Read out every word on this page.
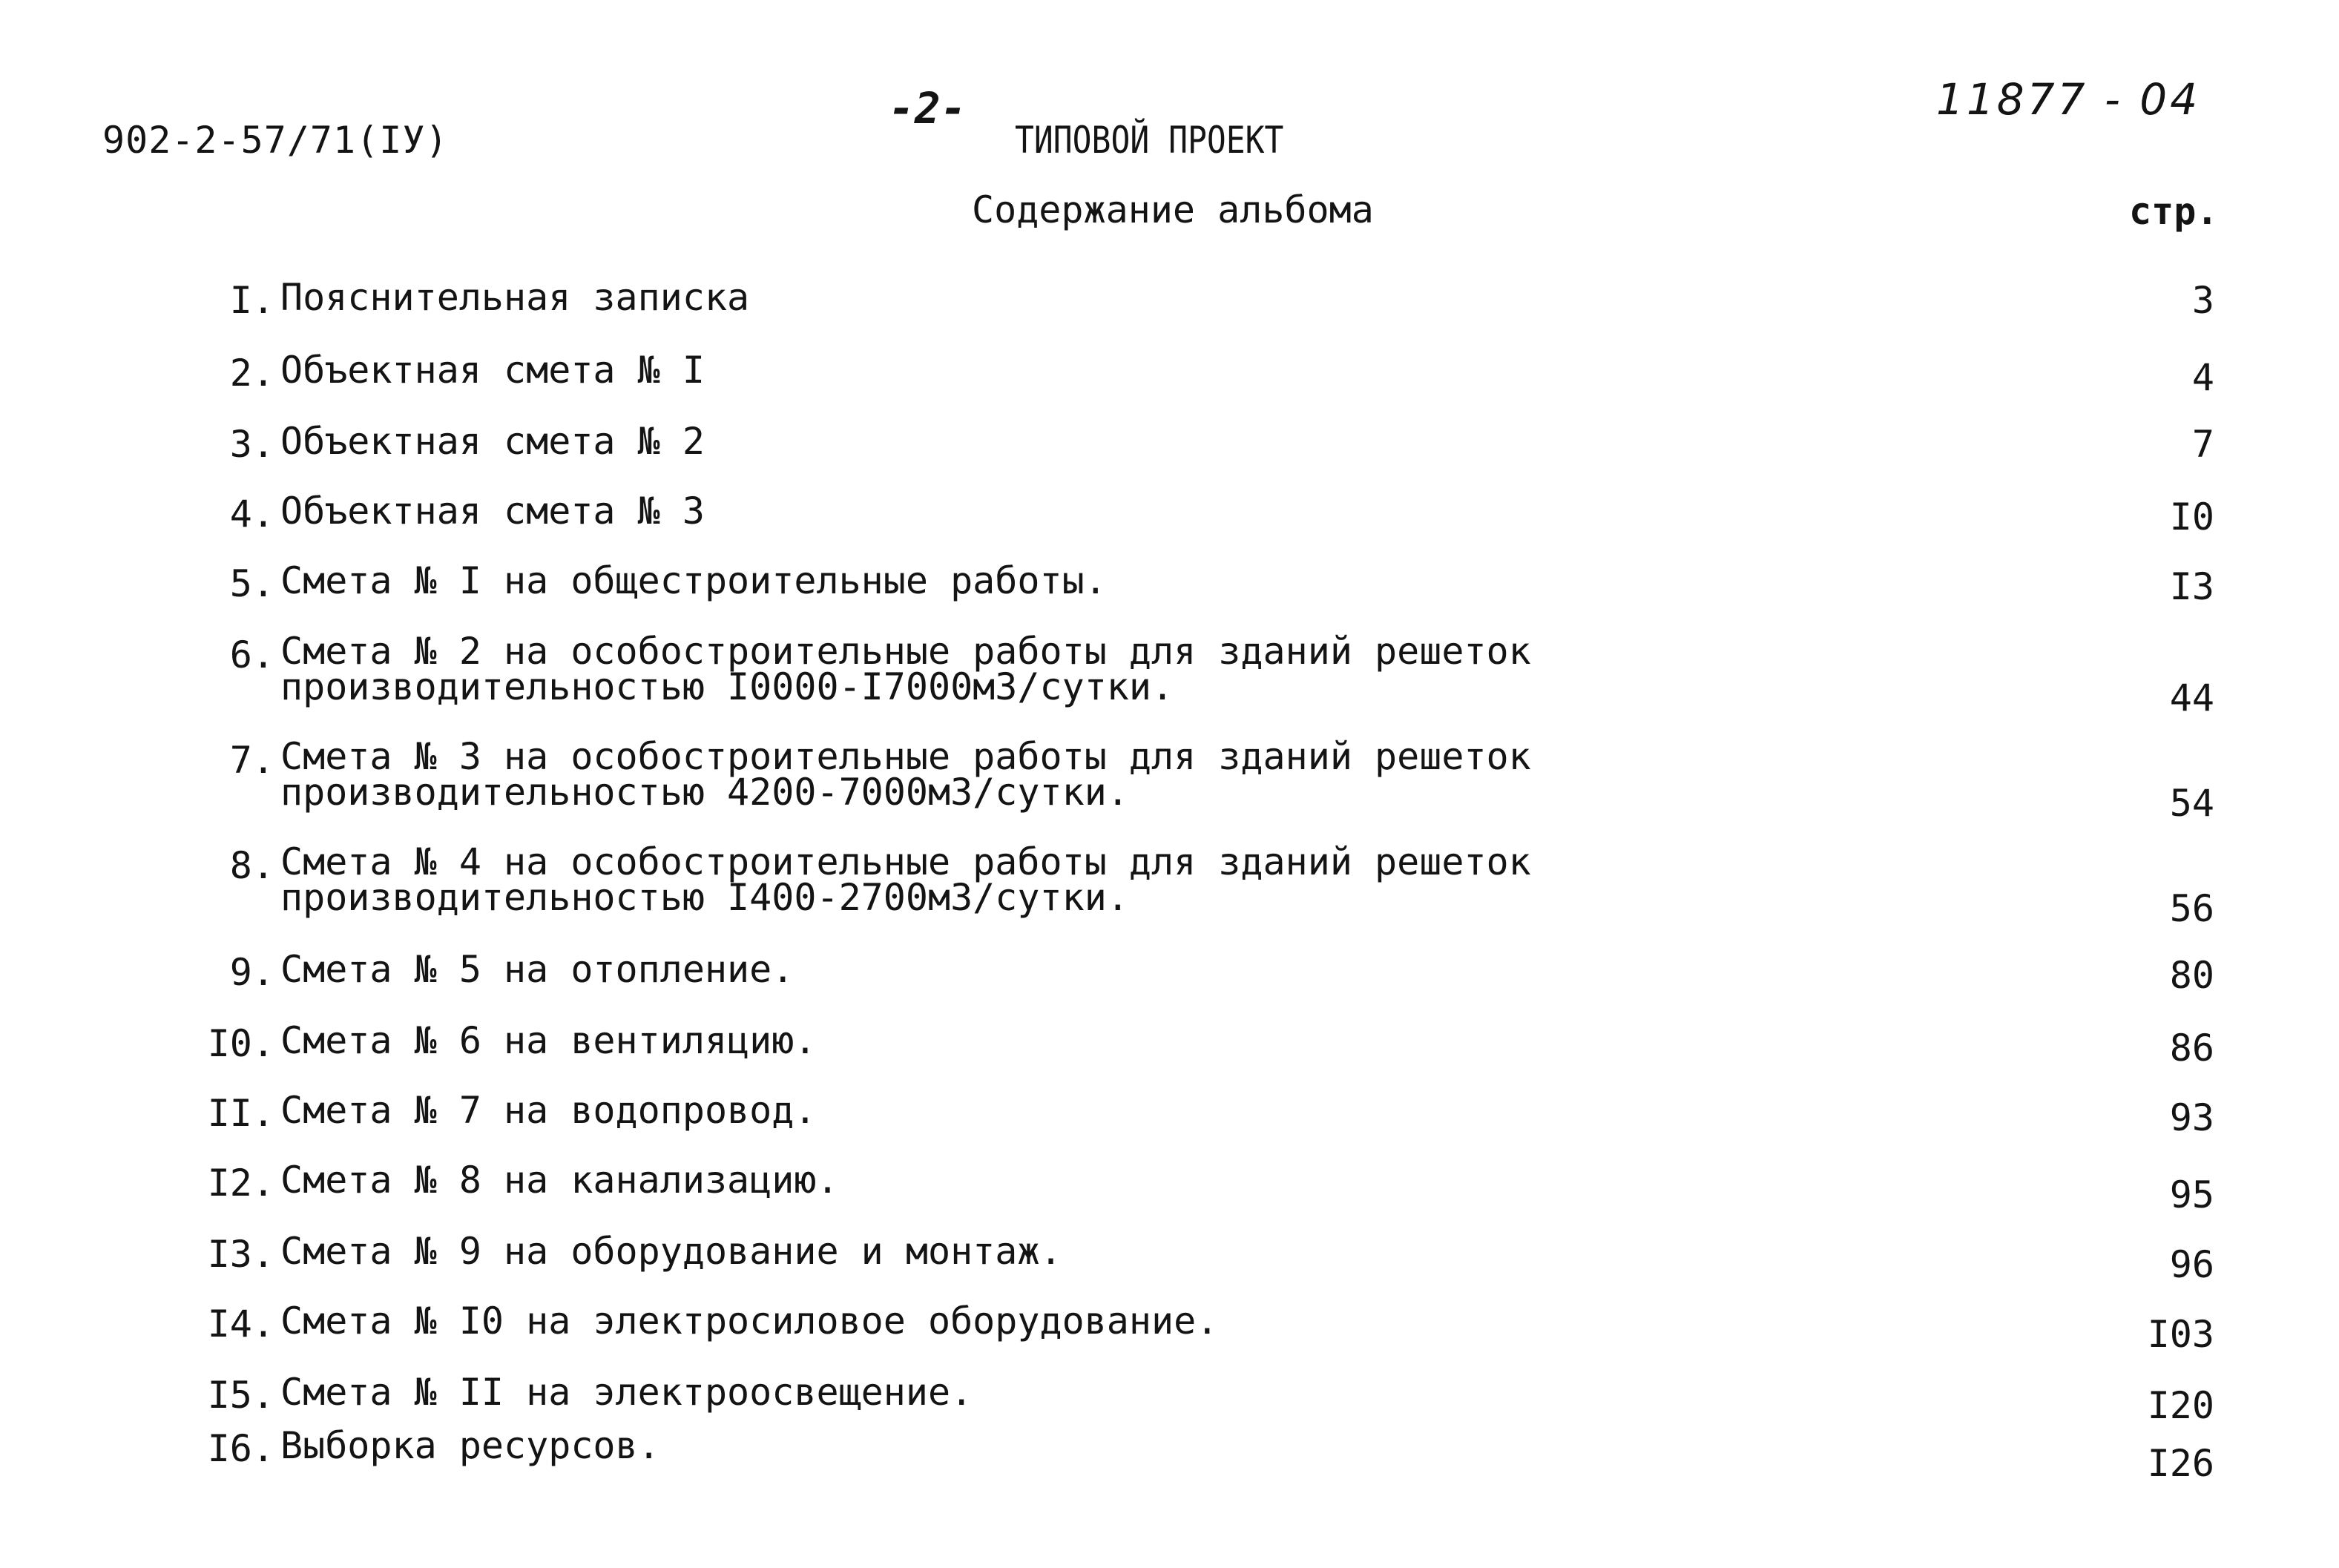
902-2-57/71(IУ)
-2-
ТИПОВОЙ ПРОЕКТ
11877 - 04
Содержание альбома	стр.
I. Пояснительная записка	3
2. Объектная смета № I	4
3. Объектная смета № 2	7
4. Объектная смета № 3	I0
5. Смета № I на общестроительные работы.	I3
6. Смета № 2 на особостроительные работы для зданий решеток производительностью I0000-I7000м3/сутки.	44
7. Смета № 3 на особостроительные работы для зданий решеток производительностью 4200-7000м3/сутки.	54
8. Смета № 4 на особостроительные работы для зданий решеток производительностью I400-2700м3/сутки.	56
9. Смета № 5 на отопление.	80
I0. Смета № 6 на вентиляцию.	86
II. Смета № 7 на водопровод.	93
I2. Смета № 8 на канализацию.	95
I3. Смета № 9 на оборудование и монтаж.	96
I4. Смета № I0 на электросиловое оборудование.	I03
I5. Смета № II на электроосвещение.	I20
I6. Выборка ресурсов.	I26
